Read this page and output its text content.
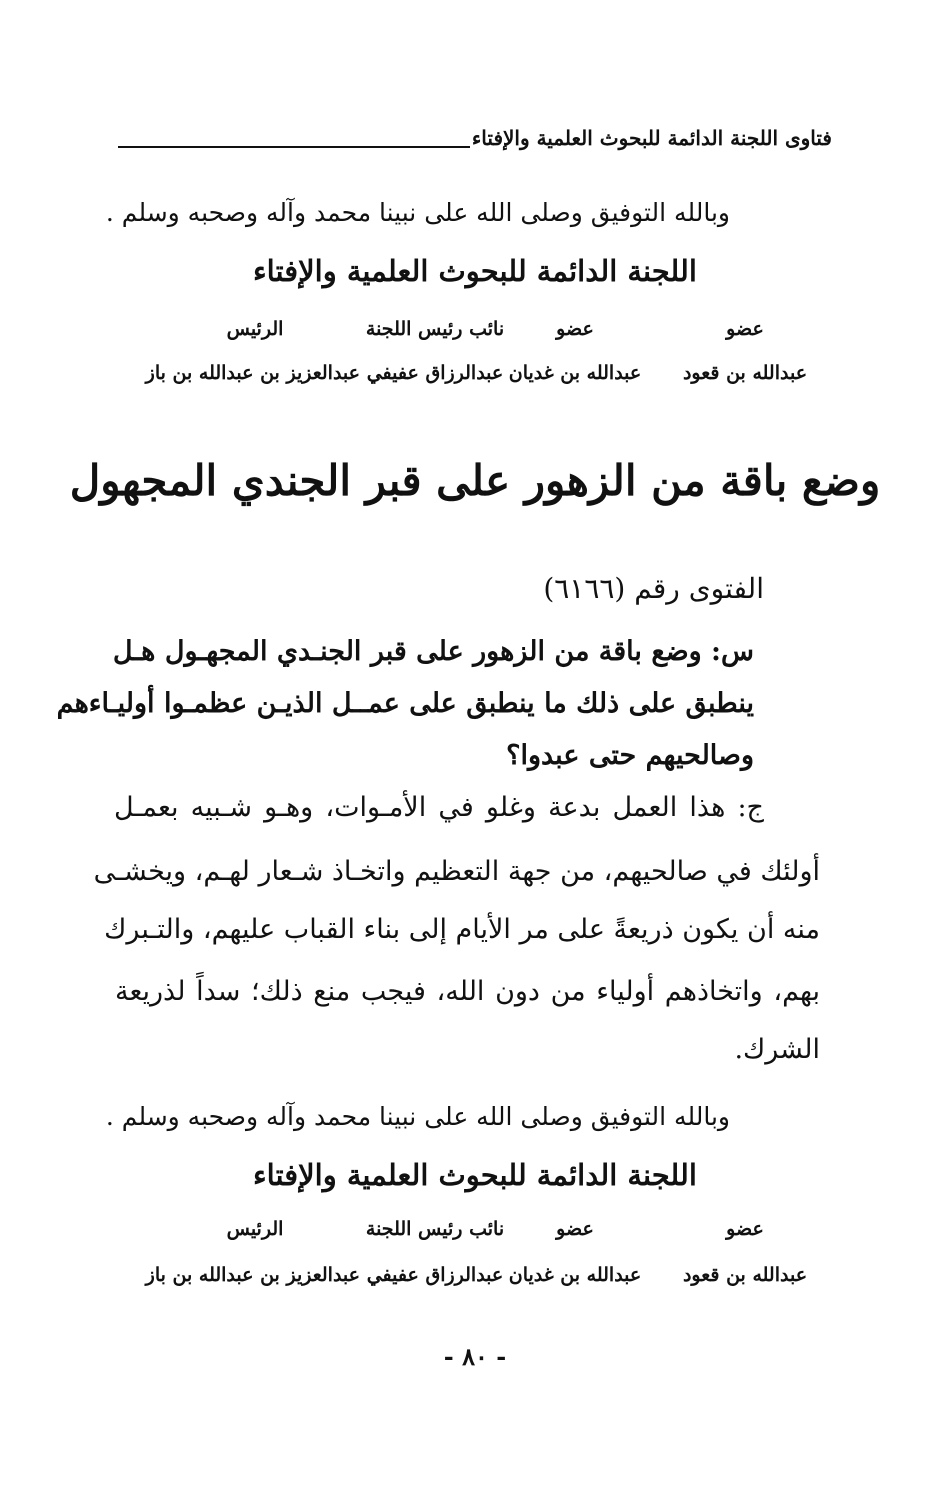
فتاوى اللجنة الدائمة للبحوث العلمية والإفتاء
وبالله التوفيق وصلى الله على نبينا محمد وآله وصحبه وسلم .
اللجنة الدائمة للبحوث العلمية والإفتاء
عضو
عضو
نائب رئيس اللجنة
الرئيس
عبدالله بن قعود
عبدالله بن غديان
عبدالرزاق عفيفي
عبدالعزيز بن عبدالله بن باز
وضع باقة من الزهور على قبر الجندي المجهول
الفتوى رقم (٦١٦٦)
س: وضع باقة من الزهور على قبر الجنـدي المجهـول هـل
ينطبق على ذلك ما ينطبق على عمــل الذيـن عظمـوا أوليـاءهم
وصالحيهم حتى عبدوا؟
ج: هذا العمل بدعة وغلو في الأمـوات، وهـو شـبيه بعمـل
أولئك في صالحيهم، من جهة التعظيم واتخـاذ شـعار لهـم، ويخشـى
منه أن يكون ذريعةً على مر الأيام إلى بناء القباب عليهم، والتـبرك
بهم، واتخاذهم أولياء من دون الله، فيجب منع ذلك؛ سداً لذريعة
الشرك.
وبالله التوفيق وصلى الله على نبينا محمد وآله وصحبه وسلم .
اللجنة الدائمة للبحوث العلمية والإفتاء
عضو
عضو
نائب رئيس اللجنة
الرئيس
عبدالله بن قعود
عبدالله بن غديان
عبدالرزاق عفيفي
عبدالعزيز بن عبدالله بن باز
- ٨٠ -
